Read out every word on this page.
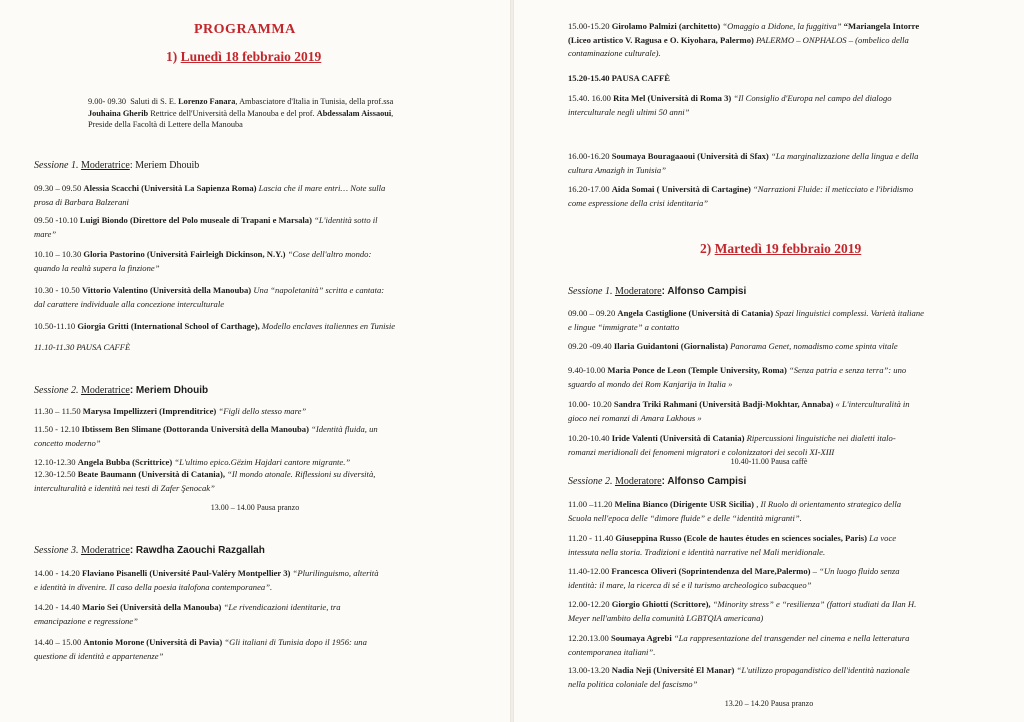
PROGRAMMA
1) Lunedì 18 febbraio 2019
9.00- 09.30 Saluti di S. E. Lorenzo Fanara, Ambasciatore d'Italia in Tunisia, della prof.ssa
Jouhaina Gherib Rettrice dell'Università della Manouba e del prof. Abdessalam Aissaoui,
Preside della Facoltà di Lettere della Manouba
Sessione 1. Moderatrice: Meriem Dhouib
09.30 – 09.50 Alessia Scacchi (Università La Sapienza Roma) Lascia che il mare entri… Note sulla
prosa di Barbara Balzerani
09.50 -10.10 Luigi Biondo (Direttore del Polo museale di Trapani e Marsala) “L'identità sotto il
mare”
10.10 – 10.30 Gloria Pastorino (Università Fairleigh Dickinson, N.Y.) “Cose dell'altro mondo:
quando la realtà supera la finzione”
10.30 - 10.50 Vittorio Valentino (Università della Manouba) Una “napoletanità” scritta e cantata:
dal carattere individuale alla concezione interculturale
10.50-11.10 Giorgia Gritti (International School of Carthage), Modello enclaves italiennes en Tunisie
11.10-11.30 PAUSA CAFFÈ
Sessione 2. Moderatrice: Meriem Dhouib
11.30 – 11.50 Marysa Impellizzeri (Imprenditrice) “Figli dello stesso mare”
11.50 - 12.10 Ibtissem Ben Slimane (Dottoranda Università della Manouba) “Identità fluida, un
concetto moderno”
12.10-12.30 Angela Bubba (Scrittrice) “L'ultimo epico.Gëzim Hajdari cantore migrante.”
12.30-12.50 Beate Baumann (Università di Catania), “Il mondo atonale. Riflessioni su diversità,
interculturalità e identità nei testi di Zafer Şenocak”
13.00 – 14.00 Pausa pranzo
Sessione 3. Moderatrice: Rawdha Zaouchi Razgallah
14.00 - 14.20 Flaviano Pisanelli (Université Paul-Valéry Montpellier 3) “Plurilinguismo, alterità
e identità in divenire. Il caso della poesia italofona contemporanea”.
14.20 - 14.40 Mario Sei (Università della Manouba) “Le rivendicazioni identitarie, tra
emancipazione e regressione”
14.40 – 15.00 Antonio Morone (Università di Pavia) “Gli italiani di Tunisia dopo il 1956: una
questione di identità e appartenenze”
15.00-15.20 Girolamo Palmizi (architetto) “Omaggio a Didone, la fuggitiva” “Mariangela Intorre
(Liceo artistico V. Ragusa e O. Kiyohara, Palermo) PALERMO – ONPHALOS – (ombelico della
contaminazione culturale).
15.20-15.40 PAUSA CAFFÈ
15.40. 16.00 Rita Mel (Università di Roma 3) “Il Consiglio d'Europa nel campo del dialogo
interculturale negli ultimi 50 anni”
16.00-16.20 Soumaya Bouragaaoui (Università di Sfax) “La marginalizzazione della lingua e della
cultura Amazigh in Tunisia”
16.20-17.00 Aida Somai ( Università di Cartagine) “Narrazioni Fluide: il meticciato e l'ibridismo
come espressione della crisi identitaria”
2) Martedì 19 febbraio 2019
Sessione 1. Moderatore: Alfonso Campisi
09.00 – 09.20 Angela Castiglione (Università di Catania) Spazi linguistici complessi. Varietà italiane
e lingue “immigrate” a contatto
09.20 -09.40 Ilaria Guidantoni (Giornalista) Panorama Genet, nomadismo come spinta vitale
9.40-10.00 Maria Ponce de Leon (Temple University, Roma) “Senza patria e senza terra”: uno
sguardo al mondo dei Rom Kanjarija in Italia »
10.00- 10.20 Sandra Triki Rahmani (Università Badji-Mokhtar, Annaba) « L'interculturalità in
gioco nei romanzi di Amara Lakhous »
10.20-10.40 Iride Valenti (Università di Catania) Ripercussioni linguistiche nei dialetti italo-
romanzi meridionali dei fenomeni migratori e colonizzatori dei secoli XI-XIII
10.40-11.00 Pausa caffè
Sessione 2. Moderatore: Alfonso Campisi
11.00 –11.20 Melina Bianco (Dirigente USR Sicilia) , Il Ruolo di orientamento strategico della
Scuola nell'epoca delle “dimore fluide” e delle “identità migranti”.
11.20 - 11.40 Giuseppina Russo (Ecole de hautes études en sciences sociales, Paris) La voce
intessuta nella storia. Tradizioni e identità narrative nel Mali meridionale.
11.40-12.00 Francesca Oliveri (Soprintendenza del Mare,Palermo) – “Un luogo fluido senza
identità: il mare, la ricerca di sé e il turismo archeologico subacqueo”
12.00-12.20 Giorgio Ghiotti (Scrittore), “Minority stress” e “resilienza” (fattori studiati da Ilan H.
Meyer nell'ambito della comunità LGBTQIA americana)
12.20.13.00 Soumaya Agrebi “La rappresentazione del transgender nel cinema e nella letteratura
contemporanea italiani”.
13.00-13.20 Nadia Neji (Université El Manar) “L'utilizzo propagandistico dell'identità nazionale
nella politica coloniale del fascismo”
13.20 – 14.20 Pausa pranzo
